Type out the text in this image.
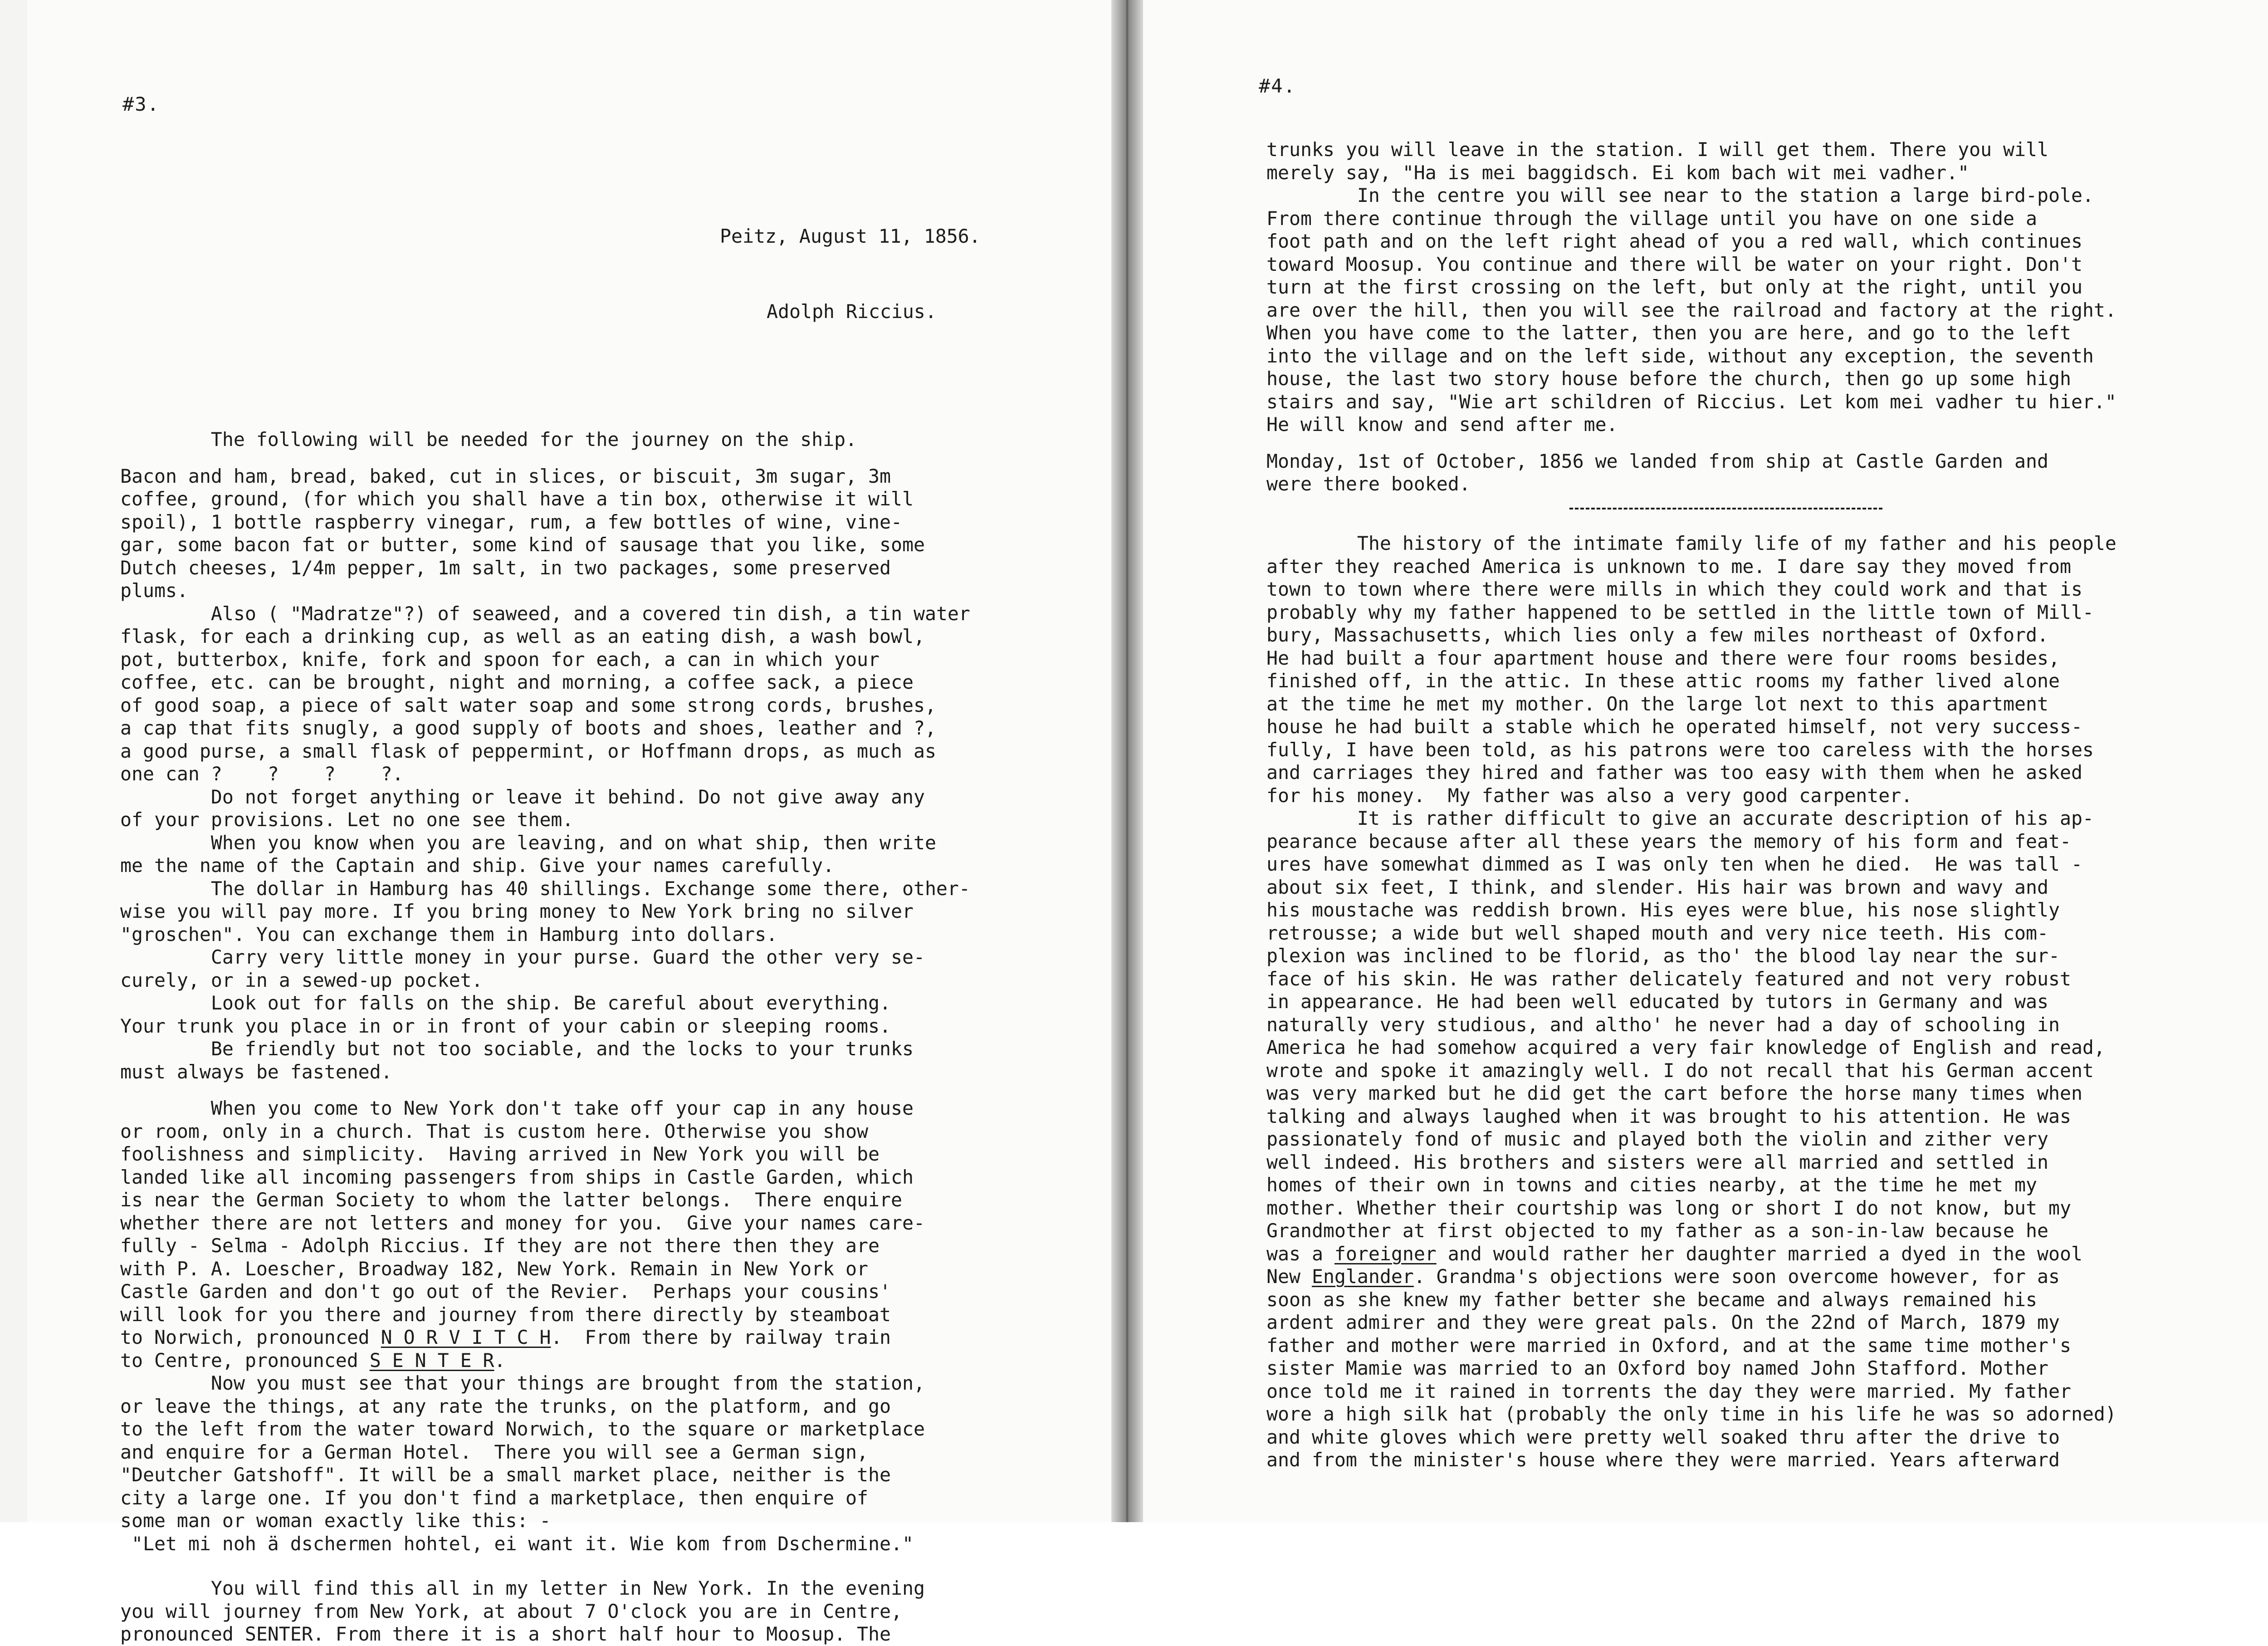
#3.

Peitz, August 11, 1856.

Adolph Riccius.

The following will be needed for the journey on the ship.
Bacon and ham, bread, baked, cut in slices, or biscuit, 3m sugar, 3m
coffee, ground, (for which you shall have a tin box, otherwise it will
spoil), 1 bottle raspberry vinegar, rum, a few bottles of wine, vine-
gar, some bacon fat or butter, some kind of sausage that you like, some
Dutch cheeses, 1/4m pepper, 1m salt, in two packages, some preserved
plums.
Also ( "Madratze"?) of seaweed, and a covered tin dish, a tin water
flask, for each a drinking cup, as well as an eating dish, a wash bowl,
pot, butterbox, knife, fork and spoon for each, a can in which your
coffee, etc. can be brought, night and morning, a coffee sack, a piece
of good soap, a piece of salt water soap and some strong cords, brushes,
a cap that fits snugly, a good supply of boots and shoes, leather and ?,
a good purse, a small flask of peppermint, or Hoffmann drops, as much as
one can ?    ?    ?    ?.
Do not forget anything or leave it behind. Do not give away any
of your provisions. Let no one see them.
When you know when you are leaving, and on what ship, then write
me the name of the Captain and ship. Give your names carefully.
The dollar in Hamburg has 40 shillings. Exchange some there, other-
wise you will pay more. If you bring money to New York bring no silver
"groschen". You can exchange them in Hamburg into dollars.
Carry very little money in your purse. Guard the other very se-
curely, or in a sewed-up pocket.
Look out for falls on the ship. Be careful about everything.
Your trunk you place in or in front of your cabin or sleeping rooms.
Be friendly but not too sociable, and the locks to your trunks
must always be fastened.
When you come to New York don't take off your cap in any house
or room, only in a church. That is custom here. Otherwise you show
foolishness and simplicity.  Having arrived in New York you will be
landed like all incoming passengers from ships in Castle Garden, which
is near the German Society to whom the latter belongs.  There enquire
whether there are not letters and money for you.  Give your names care-
fully - Selma - Adolph Riccius. If they are not there then they are
with P. A. Loescher, Broadway 182, New York. Remain in New York or
Castle Garden and don't go out of the Revier.  Perhaps your cousins'
will look for you there and journey from there directly by steamboat
to Norwich, pronounced N O R V I T C H.  From there by railway train
to Centre, pronounced S E N T E R.
Now you must see that your things are brought from the station,
or leave the things, at any rate the trunks, on the platform, and go
to the left from the water toward Norwich, to the square or marketplace
and enquire for a German Hotel.  There you will see a German sign,
"Deutcher Gatshoff". It will be a small market place, neither is the
city a large one. If you don't find a marketplace, then enquire of
some man or woman exactly like this: -
"Let mi noh ä dschermen hohtel, ei want it. Wie kom from Dschermine."
You will find this all in my letter in New York. In the evening
you will journey from New York, at about 7 O'clock you are in Centre,
pronounced SENTER. From there it is a short half hour to Moosup. The
#4.
trunks you will leave in the station. I will get them. There you will
merely say, "Ha is mei baggidsch. Ei kom bach wit mei vadher."
In the centre you will see near to the station a large bird-pole.
From there continue through the village until you have on one side a
foot path and on the left right ahead of you a red wall, which continues
toward Moosup. You continue and there will be water on your right. Don't
turn at the first crossing on the left, but only at the right, until you
are over the hill, then you will see the railroad and factory at the right.
When you have come to the latter, then you are here, and go to the left
into the village and on the left side, without any exception, the seventh
house, the last two story house before the church, then go up some high
stairs and say, "Wie art schildren of Riccius. Let kom mei vadher tu hier."
He will know and send after me.
Monday, 1st of October, 1856 we landed from ship at Castle Garden and
were there booked.
The history of the intimate family life of my father and his people
after they reached America is unknown to me. I dare say they moved from
town to town where there were mills in which they could work and that is
probably why my father happened to be settled in the little town of Mill-
bury, Massachusetts, which lies only a few miles northeast of Oxford.
He had built a four apartment house and there were four rooms besides,
finished off, in the attic. In these attic rooms my father lived alone
at the time he met my mother. On the large lot next to this apartment
house he had built a stable which he operated himself, not very success-
fully, I have been told, as his patrons were too careless with the horses
and carriages they hired and father was too easy with them when he asked
for his money.  My father was also a very good carpenter.
It is rather difficult to give an accurate description of his ap-
pearance because after all these years the memory of his form and feat-
ures have somewhat dimmed as I was only ten when he died.  He was tall -
about six feet, I think, and slender. His hair was brown and wavy and
his moustache was reddish brown. His eyes were blue, his nose slightly
retrousse; a wide but well shaped mouth and very nice teeth. His com-
plexion was inclined to be florid, as tho' the blood lay near the sur-
face of his skin. He was rather delicately featured and not very robust
in appearance. He had been well educated by tutors in Germany and was
naturally very studious, and altho' he never had a day of schooling in
America he had somehow acquired a very fair knowledge of English and read,
wrote and spoke it amazingly well. I do not recall that his German accent
was very marked but he did get the cart before the horse many times when
talking and always laughed when it was brought to his attention. He was
passionately fond of music and played both the violin and zither very
well indeed. His brothers and sisters were all married and settled in
homes of their own in towns and cities nearby, at the time he met my
mother. Whether their courtship was long or short I do not know, but my
Grandmother at first objected to my father as a son-in-law because he
was a foreigner and would rather her daughter married a dyed in the wool
New Englander. Grandma's objections were soon overcome however, for as
soon as she knew my father better she became and always remained his
ardent admirer and they were great pals. On the 22nd of March, 1879 my
father and mother were married in Oxford, and at the same time mother's
sister Mamie was married to an Oxford boy named John Stafford. Mother
once told me it rained in torrents the day they were married. My father
wore a high silk hat (probably the only time in his life he was so adorned)
and white gloves which were pretty well soaked thru after the drive to
and from the minister's house where they were married. Years afterward
